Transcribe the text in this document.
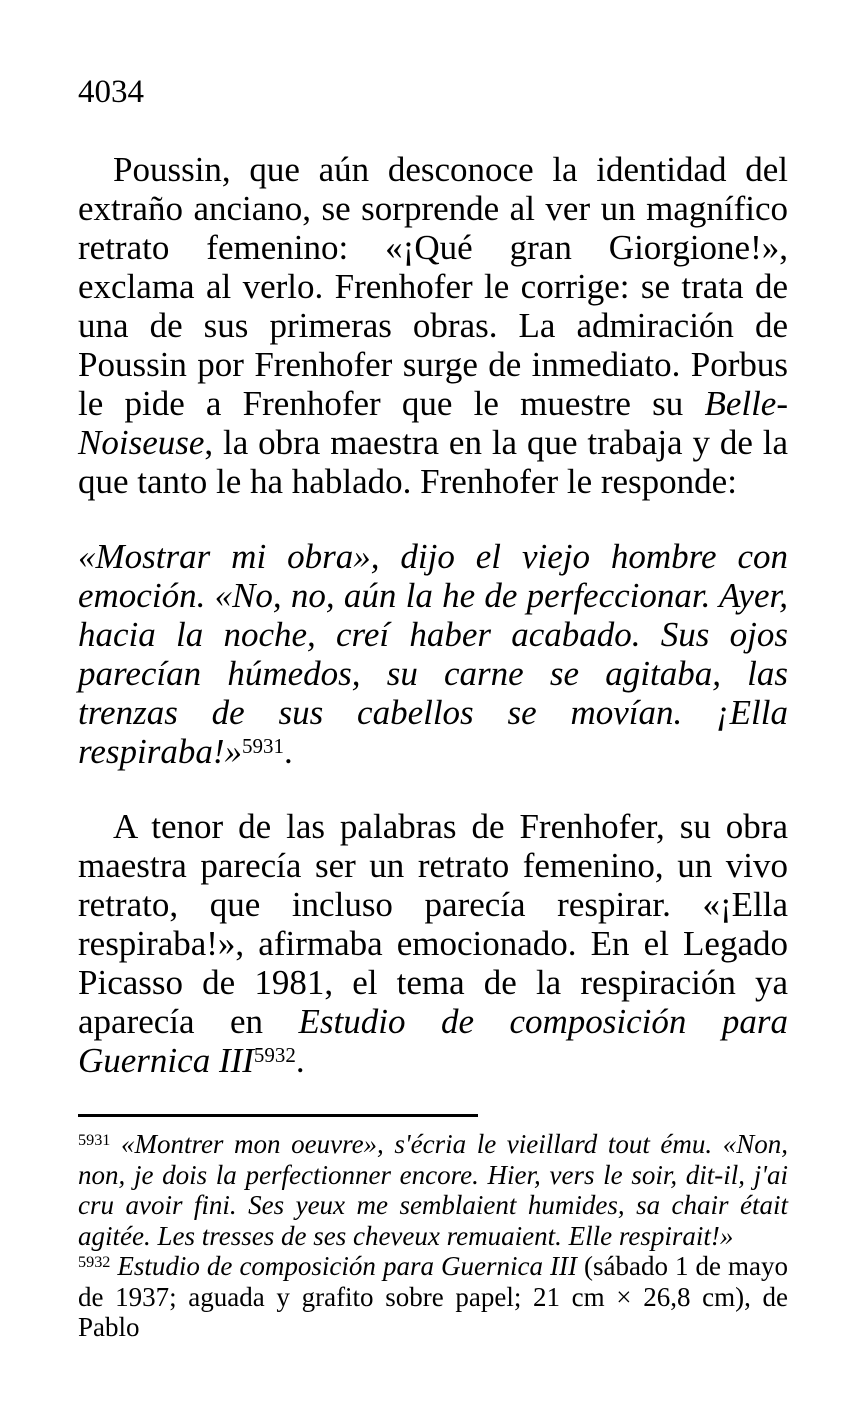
4034

Poussin, que aún desconoce la identidad del extraño anciano, se sorprende al ver un magnífico retrato femenino: «¡Qué gran Giorgione!», exclama al verlo. Frenhofer le corrige: se trata de una de sus primeras obras. La admiración de Poussin por Frenhofer surge de inmediato. Porbus le pide a Frenhofer que le muestre su Belle-Noiseuse, la obra maestra en la que trabaja y de la que tanto le ha hablado. Frenhofer le responde:

«Mostrar mi obra», dijo el viejo hombre con emoción. «No, no, aún la he de perfeccionar. Ayer, hacia la noche, creí haber acabado. Sus ojos parecían húmedos, su carne se agitaba, las trenzas de sus cabellos se movían. ¡Ella respiraba!»$^{5931}$.

A tenor de las palabras de Frenhofer, su obra maestra parecía ser un retrato femenino, un vivo retrato, que incluso parecía respirar. «¡Ella respiraba!», afirmaba emocionado. En el Legado Picasso de 1981, el tema de la respiración ya aparecía en Estudio de composición para Guernica $III^{5932}$.

$^{5931}$ «Montrer mon oeuvre», s'écria le vieillard tout ému. «Non, non, je dois la perfectionner encore. Hier, vers le soir, dit-il, j'ai cru avoir fini. Ses yeux me semblaient humides, sa chair était agitée. Les tresses de ses cheveux remuaient. Elle respirait!»

$^{5932}$ Estudio de composición para Guernica III (sábado 1 de mayo de 1937; aguada y grafito sobre papel; 21 cm × 26,8 cm), de Pablo
